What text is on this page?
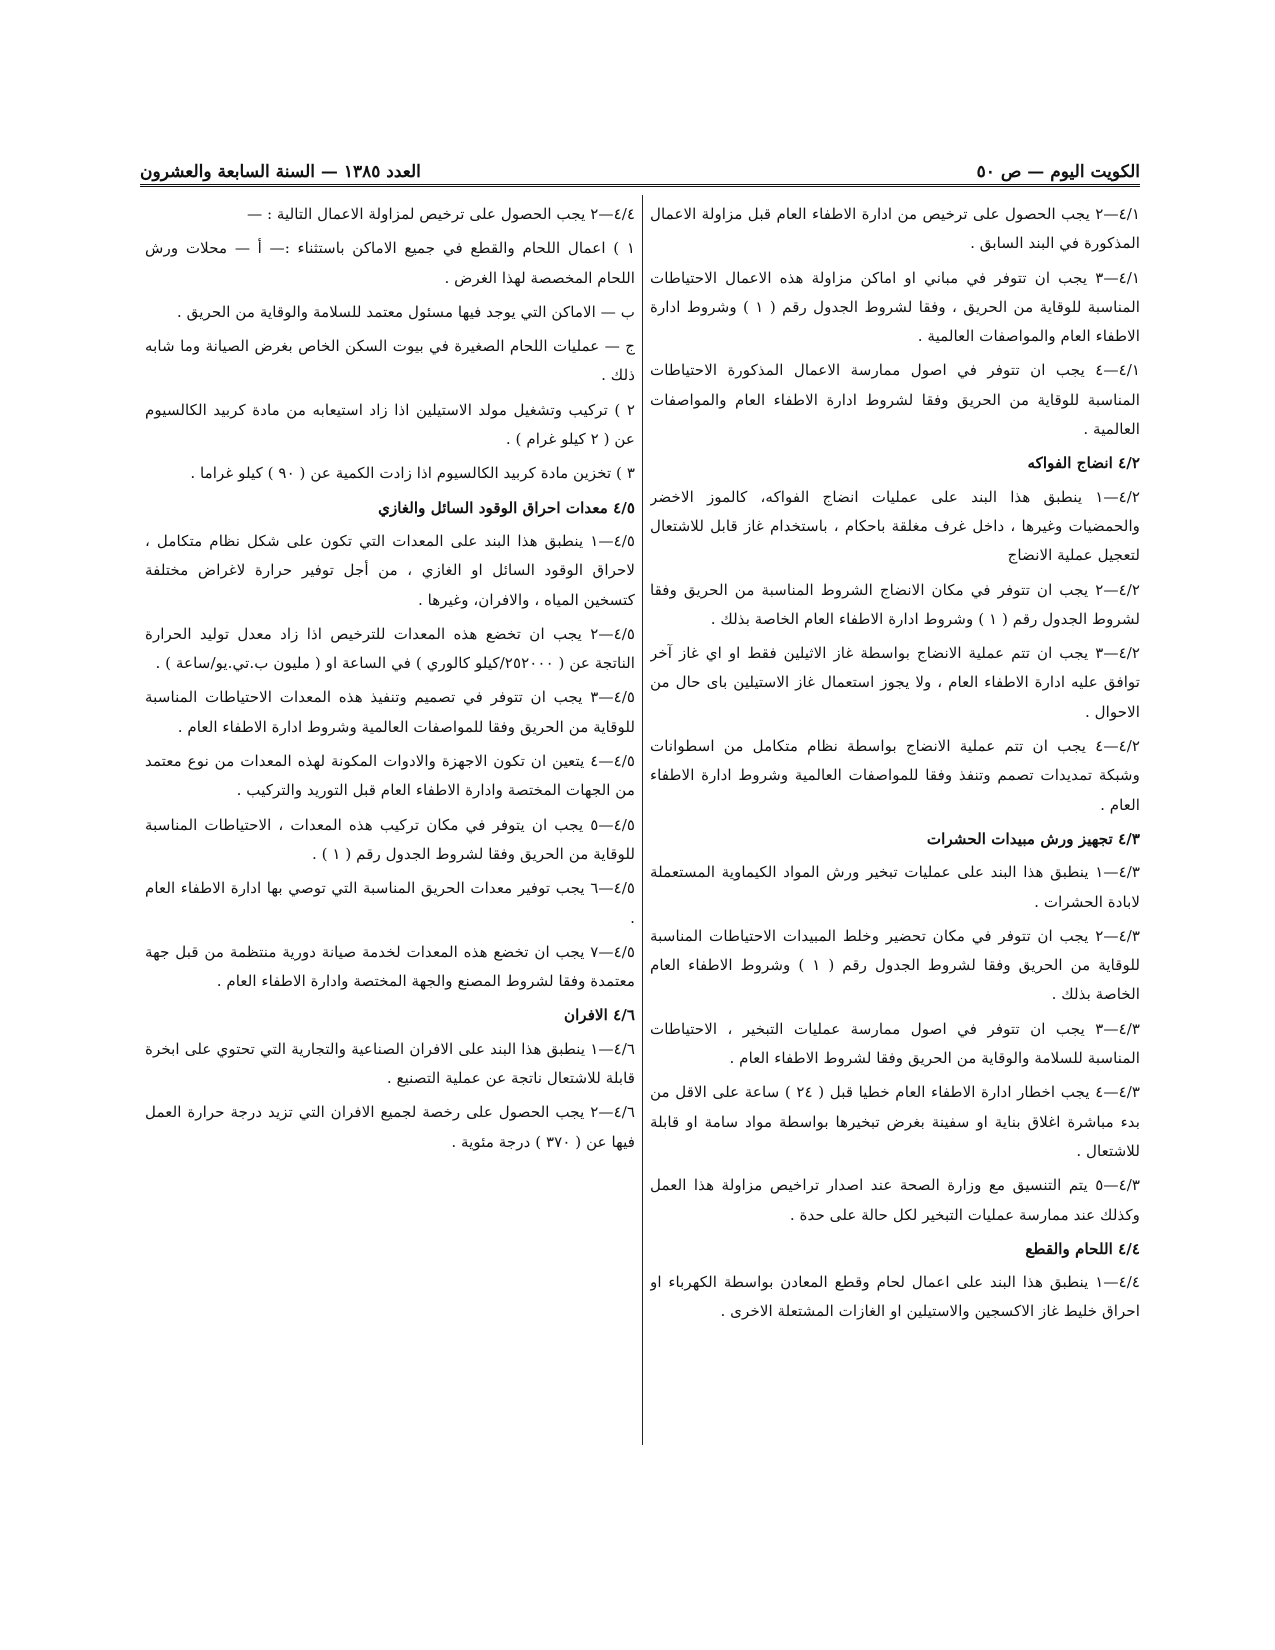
الكويت اليوم — ص ٥٠
العدد ١٣٨٥ — السنة السابعة والعشرون

٤/١—٢ يجب الحصول على ترخيص من ادارة الاطفاء العام قبل مزاولة الاعمال المذكورة في البند السابق .

٤/١—٣ يجب ان تتوفر في مباني او اماكن مزاولة هذه الاعمال الاحتياطات المناسبة للوقاية من الحريق ، وفقا لشروط الجدول رقم ( ١ ) وشروط ادارة الاطفاء العام والمواصفات العالمية .

٤/١—٤ يجب ان تتوفر في اصول ممارسة الاعمال المذكورة الاحتياطات المناسبة للوقاية من الحريق وفقا لشروط ادارة الاطفاء العام والمواصفات العالمية .

٤/٢ انضاج الفواكه

٤/٢—١ ينطبق هذا البند على عمليات انضاج الفواكه، كالموز الاخضر والحمضيات وغيرها ، داخل غرف مغلقة باحكام ، باستخدام غاز قابل للاشتعال لتعجيل عملية الانضاج

٤/٢—٢ يجب ان تتوفر في مكان الانضاج الشروط المناسبة من الحريق وفقا لشروط الجدول رقم ( ١ ) وشروط ادارة الاطفاء العام الخاصة بذلك .

٤/٢—٣ يجب ان تتم عملية الانضاج بواسطة غاز الاثيلين فقط او اي غاز آخر توافق عليه ادارة الاطفاء العام ، ولا يجوز استعمال غاز الاستيلين باى حال من الاحوال .

٤/٢—٤ يجب ان تتم عملية الانضاج بواسطة نظام متكامل من اسطوانات وشبكة تمديدات تصمم وتنفذ وفقا للمواصفات العالمية وشروط ادارة الاطفاء العام .

٤/٣ تجهيز ورش مبيدات الحشرات

٤/٣—١ ينطبق هذا البند على عمليات تبخير ورش المواد الكيماوية المستعملة لابادة الحشرات .

٤/٣—٢ يجب ان تتوفر في مكان تحضير وخلط المبيدات الاحتياطات المناسبة للوقاية من الحريق وفقا لشروط الجدول رقم ( ١ ) وشروط الاطفاء العام الخاصة بذلك .

٤/٣—٣ يجب ان تتوفر في اصول ممارسة عمليات التبخير ، الاحتياطات المناسبة للسلامة والوقاية من الحريق وفقا لشروط الاطفاء العام .

٤/٣—٤ يجب اخطار ادارة الاطفاء العام خطيا قبل ( ٢٤ ) ساعة على الاقل من بدء مباشرة اغلاق بناية او سفينة بغرض تبخيرها بواسطة مواد سامة او قابلة للاشتعال .

٤/٣—٥ يتم التنسيق مع وزارة الصحة عند اصدار تراخيص مزاولة هذا العمل وكذلك عند ممارسة عمليات التبخير لكل حالة على حدة .

٤/٤ اللحام والقطع

٤/٤—١ ينطبق هذا البند على اعمال لحام وقطع المعادن بواسطة الكهرباء او احراق خليط غاز الاكسجين والاستيلين او الغازات المشتعلة الاخرى .

٤/٤—٢ يجب الحصول على ترخيص لمزاولة الاعمال التالية : —

١ ) اعمال اللحام والقطع في جميع الاماكن باستثناء :— أ — محلات ورش اللحام المخصصة لهذا الغرض .

ب — الاماكن التي يوجد فيها مسئول معتمد للسلامة والوقاية من الحريق .

ج — عمليات اللحام الصغيرة في بيوت السكن الخاص بغرض الصيانة وما شابه ذلك .

٢ ) تركيب وتشغيل مولد الاستيلين اذا زاد استيعابه من مادة كربيد الكالسيوم عن ( ٢ كيلو غرام ) .

٣ ) تخزين مادة كربيد الكالسيوم اذا زادت الكمية عن ( ٩٠ ) كيلو غراما .

٤/٥ معدات احراق الوقود السائل والغازي

٤/٥—١ ينطبق هذا البند على المعدات التي تكون على شكل نظام متكامل ، لاحراق الوقود السائل او الغازي ، من أجل توفير حرارة لاغراض مختلفة كتسخين المياه ، والافران، وغيرها .

٤/٥—٢ يجب ان تخضع هذه المعدات للترخيص اذا زاد معدل توليد الحرارة الناتجة عن ( ٢٥٢٠٠٠/كيلو كالوري ) في الساعة او ( مليون ب.تي.يو/ساعة ) .

٤/٥—٣ يجب ان تتوفر في تصميم وتنفيذ هذه المعدات الاحتياطات المناسبة للوقاية من الحريق وفقا للمواصفات العالمية وشروط ادارة الاطفاء العام .

٤/٥—٤ يتعين ان تكون الاجهزة والادوات المكونة لهذه المعدات من نوع معتمد من الجهات المختصة وادارة الاطفاء العام قبل التوريد والتركيب .

٤/٥—٥ يجب ان يتوفر في مكان تركيب هذه المعدات ، الاحتياطات المناسبة للوقاية من الحريق وفقا لشروط الجدول رقم ( ١ ) .

٤/٥—٦ يجب توفير معدات الحريق المناسبة التي توصي بها ادارة الاطفاء العام .

٤/٥—٧ يجب ان تخضع هذه المعدات لخدمة صيانة دورية منتظمة من قبل جهة معتمدة وفقا لشروط المصنع والجهة المختصة وادارة الاطفاء العام .

٤/٦ الافران

٤/٦—١ ينطبق هذا البند على الافران الصناعية والتجارية التي تحتوي على ابخرة قابلة للاشتعال ناتجة عن عملية التصنيع .

٤/٦—٢ يجب الحصول على رخصة لجميع الافران التي تزيد درجة حرارة العمل فيها عن ( ٣٧٠ ) درجة مئوية .
